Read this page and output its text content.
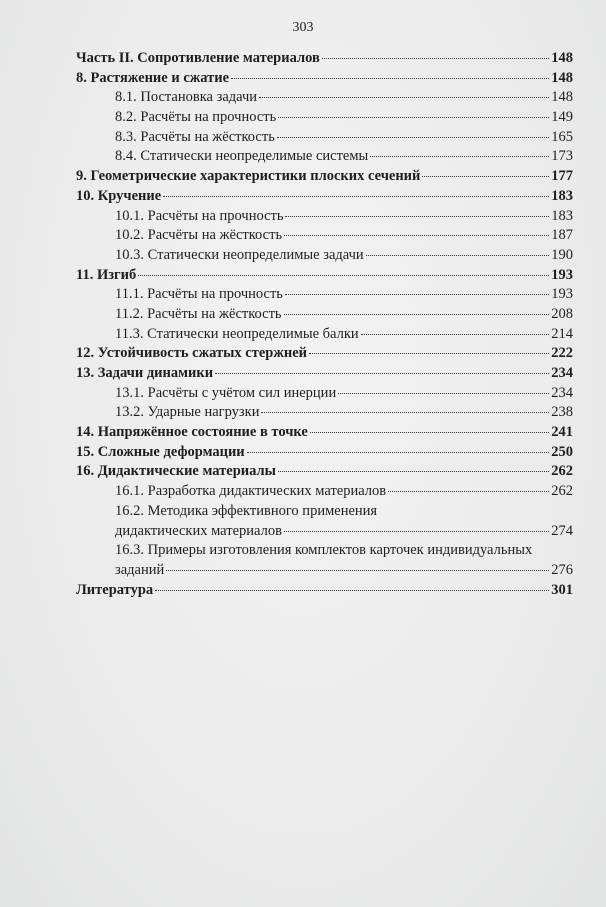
303
Часть II. Сопротивление материалов	148
8. Растяжение и сжатие	148
8.1. Постановка задачи	148
8.2. Расчёты на прочность	149
8.3. Расчёты на жёсткость	165
8.4. Статически неопределимые системы	173
9. Геометрические характеристики плоских сечений	177
10. Кручение	183
10.1. Расчёты на прочность	183
10.2. Расчёты на жёсткость	187
10.3. Статически неопределимые задачи	190
11. Изгиб	193
11.1. Расчёты на прочность	193
11.2. Расчёты на жёсткость	208
11.3. Статически неопределимые балки	214
12. Устойчивость сжатых стержней	222
13. Задачи динамики	234
13.1. Расчёты с учётом сил инерции	234
13.2. Ударные нагрузки	238
14. Напряжённое состояние в точке	241
15. Сложные деформации	250
16. Дидактические материалы	262
16.1. Разработка дидактических материалов	262
16.2. Методика эффективного применения
дидактических материалов	274
16.3. Примеры изготовления комплектов карточек индивидуальных
заданий	276
Литература	301
